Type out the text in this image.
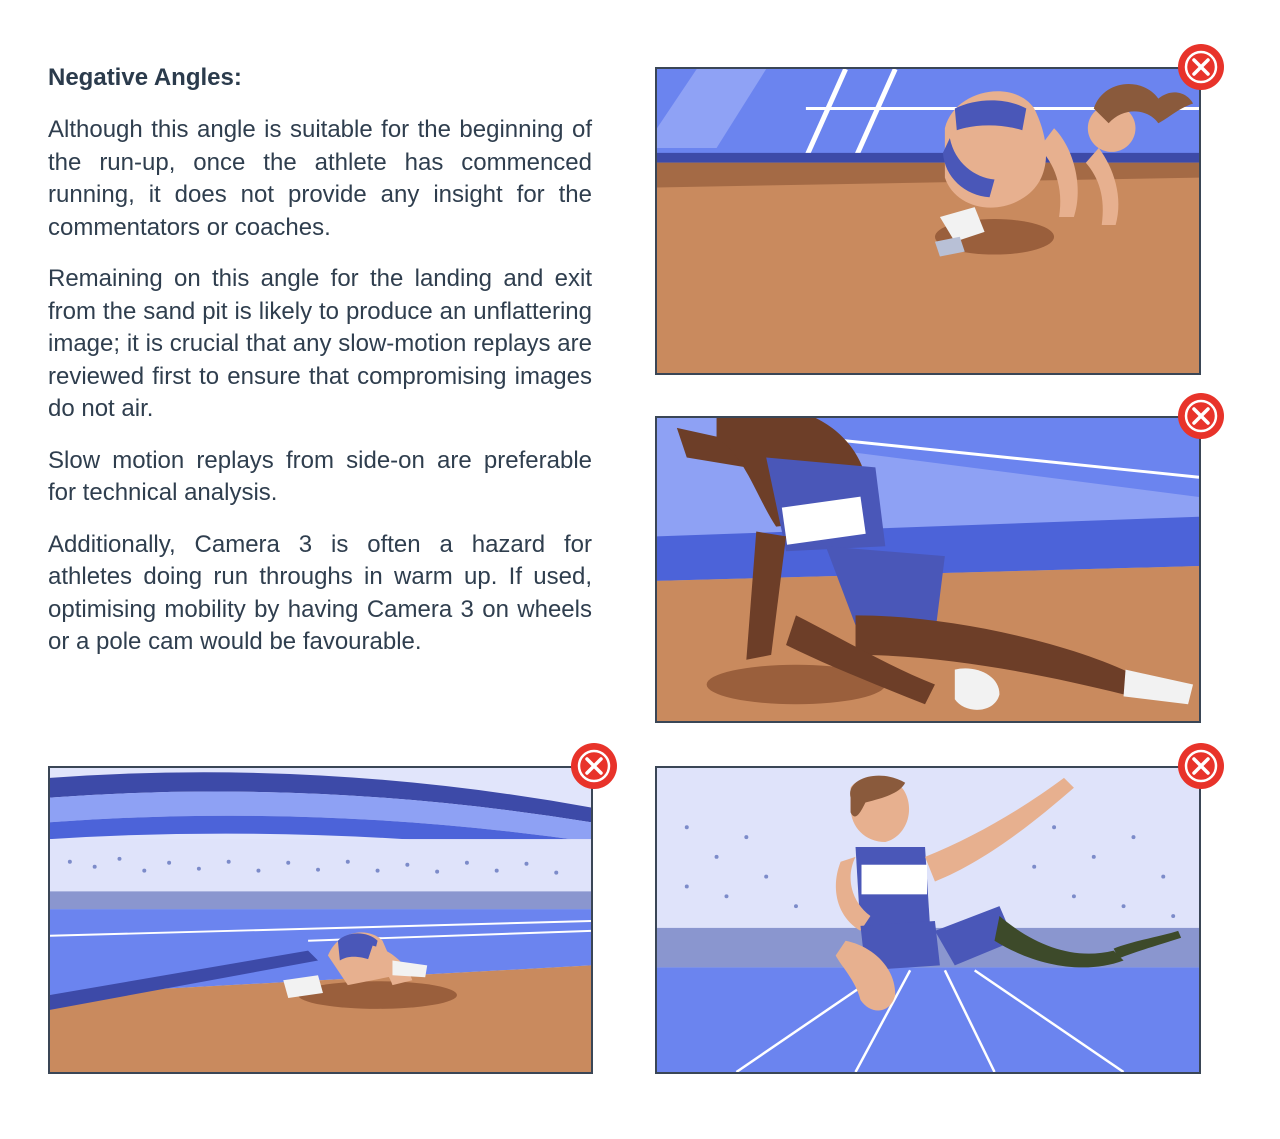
Negative Angles:

Although this angle is suitable for the beginning of the run-up, once the athlete has commenced running, it does not provide any insight for the commentators or coaches.

Remaining on this angle for the landing and exit from the sand pit is likely to produce an unflattering image; it is crucial that any slow-motion replays are reviewed first to ensure that compromising images do not air.

Slow motion replays from side-on are preferable for technical analysis.

Additionally, Camera 3 is often a hazard for athletes doing run throughs in warm up. If used, optimising mobility by having Camera 3 on wheels or a pole cam would be favourable.
